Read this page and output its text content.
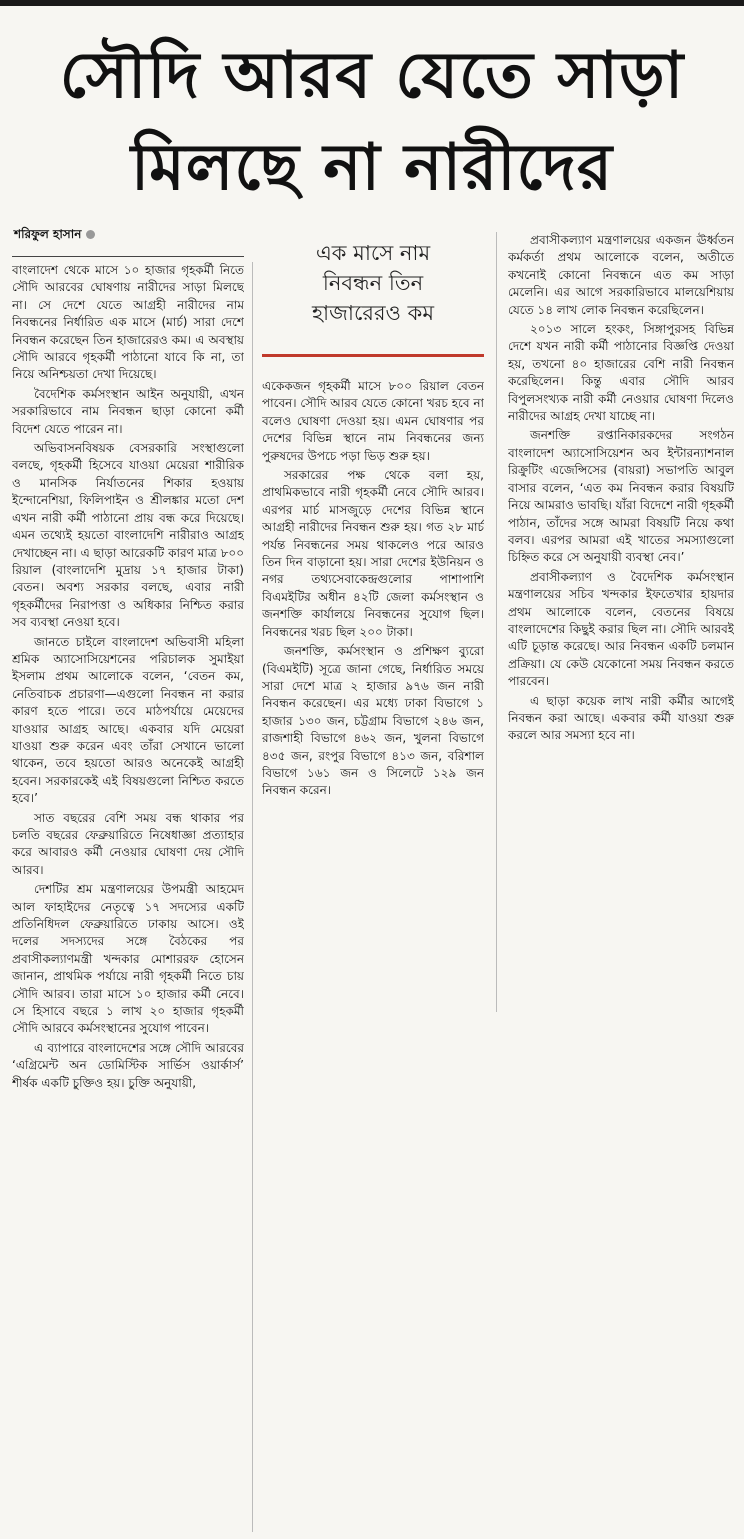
সৌদি আরব যেতে সাড়া
মিলছে না নারীদের
শরিফুল হাসান
এক মাসে নাম
নিবন্ধন তিন
হাজারেরও কম

বাংলাদেশ থেকে মাসে ১০ হাজার গৃহকর্মী নিতে সৌদি আরবের ঘোষণায় নারীদের সাড়া মিলছে না। সে দেশে যেতে আগ্রহী নারীদের নাম নিবন্ধনের নির্ধারিত এক মাসে (মার্চ) সারা দেশে নিবন্ধন করেছেন তিন হাজারেরও কম। এ অবস্থায় সৌদি আরবে গৃহকর্মী পাঠানো যাবে কি না, তা নিয়ে অনিশ্চয়তা দেখা দিয়েছে।

বৈদেশিক কর্মসংস্থান আইন অনুযায়ী, এখন সরকারিভাবে নাম নিবন্ধন ছাড়া কোনো কর্মী বিদেশ যেতে পারেন না।

অভিবাসনবিষয়ক বেসরকারি সংস্থাগুলো বলছে, গৃহকর্মী হিসেবে যাওয়া মেয়েরা শারীরিক ও মানসিক নির্যাতনের শিকার হওয়ায় ইন্দোনেশিয়া, ফিলিপাইন ও শ্রীলঙ্কার মতো দেশ এখন নারী কর্মী পাঠানো প্রায় বন্ধ করে দিয়েছে। এমন তথ্যেই হয়তো বাংলাদেশি নারীরাও আগ্রহ দেখাচ্ছেন না। এ ছাড়া আরেকটি কারণ মাত্র ৮০০ রিয়াল (বাংলাদেশি মুদ্রায় ১৭ হাজার টাকা) বেতন। অবশ্য সরকার বলছে, এবার নারী গৃহকর্মীদের নিরাপত্তা ও অধিকার নিশ্চিত করার সব ব্যবস্থা নেওয়া হবে।

জানতে চাইলে বাংলাদেশ অভিবাসী মহিলা শ্রমিক অ্যাসোসিয়েশনের পরিচালক সুমাইয়া ইসলাম প্রথম আলোকে বলেন, ‘বেতন কম, নেতিবাচক প্রচারণা—এগুলো নিবন্ধন না করার কারণ হতে পারে। তবে মাঠপর্যায়ে মেয়েদের যাওয়ার আগ্রহ আছে। একবার যদি মেয়েরা যাওয়া শুরু করেন এবং তাঁরা সেখানে ভালো থাকেন, তবে হয়তো আরও অনেকেই আগ্রহী হবেন। সরকারকেই এই বিষয়গুলো নিশ্চিত করতে হবে।’

সাত বছরের বেশি সময় বন্ধ থাকার পর চলতি বছরের ফেব্রুয়ারিতে নিষেধাজ্ঞা প্রত্যাহার করে আবারও কর্মী নেওয়ার ঘোষণা দেয় সৌদি আরব।

দেশটির শ্রম মন্ত্রণালয়ের উপমন্ত্রী আহমেদ আল ফাহাইদের নেতৃত্বে ১৭ সদস্যের একটি প্রতিনিধিদল ফেব্রুয়ারিতে ঢাকায় আসে। ওই দলের সদস্যদের সঙ্গে বৈঠকের পর প্রবাসীকল্যাণমন্ত্রী খন্দকার মোশাররফ হোসেন জানান, প্রাথমিক পর্যায়ে নারী গৃহকর্মী নিতে চায় সৌদি আরব। তারা মাসে ১০ হাজার কর্মী নেবে। সে হিসাবে বছরে ১ লাখ ২০ হাজার গৃহকর্মী সৌদি আরবে কর্মসংস্থানের সুযোগ পাবেন।

এ ব্যাপারে বাংলাদেশের সঙ্গে সৌদি আরবের ‘এগ্রিমেন্ট অন ডোমিস্টিক সার্ভিস ওয়ার্কার্স’ শীর্ষক একটি চুক্তিও হয়। চুক্তি অনুযায়ী,

একেকজন গৃহকর্মী মাসে ৮০০ রিয়াল বেতন পাবেন। সৌদি আরব যেতে কোনো খরচ হবে না বলেও ঘোষণা দেওয়া হয়। এমন ঘোষণার পর দেশের বিভিন্ন স্থানে নাম নিবন্ধনের জন্য পুরুষদের উপচে পড়া ভিড় শুরু হয়।

সরকারের পক্ষ থেকে বলা হয়, প্রাথমিকভাবে নারী গৃহকর্মী নেবে সৌদি আরব। এরপর মার্চ মাসজুড়ে দেশের বিভিন্ন স্থানে আগ্রহী নারীদের নিবন্ধন শুরু হয়। গত ২৮ মার্চ পর্যন্ত নিবন্ধনের সময় থাকলেও পরে আরও তিন দিন বাড়ানো হয়। সারা দেশের ইউনিয়ন ও নগর তথ্যসেবাকেন্দ্রগুলোর পাশাপাশি বিএমইটির অধীন ৪২টি জেলা কর্মসংস্থান ও জনশক্তি কার্যালয়ে নিবন্ধনের সুযোগ ছিল। নিবন্ধনের খরচ ছিল ২০০ টাকা।

জনশক্তি, কর্মসংস্থান ও প্রশিক্ষণ ব্যুরো (বিএমইটি) সূত্রে জানা গেছে, নির্ধারিত সময়ে সারা দেশে মাত্র ২ হাজার ৯৭৬ জন নারী নিবন্ধন করেছেন। এর মধ্যে ঢাকা বিভাগে ১ হাজার ১৩০ জন, চট্টগ্রাম বিভাগে ২৪৬ জন, রাজশাহী বিভাগে ৪৬২ জন, খুলনা বিভাগে ৪৩৫ জন, রংপুর বিভাগে ৪১৩ জন, বরিশাল বিভাগে ১৬১ জন ও সিলেটে ১২৯ জন নিবন্ধন করেন।

প্রবাসীকল্যাণ মন্ত্রণালয়ের একজন ঊর্ধ্বতন কর্মকর্তা প্রথম আলোকে বলেন, অতীতে কখনোই কোনো নিবন্ধনে এত কম সাড়া মেলেনি। এর আগে সরকারিভাবে মালয়েশিয়ায় যেতে ১৪ লাখ লোক নিবন্ধন করেছিলেন।

২০১৩ সালে হংকং, সিঙ্গাপুরসহ বিভিন্ন দেশে যখন নারী কর্মী পাঠানোর বিজ্ঞপ্তি দেওয়া হয়, তখনো ৪০ হাজারের বেশি নারী নিবন্ধন করেছিলেন। কিন্তু এবার সৌদি আরব বিপুলসংখ্যক নারী কর্মী নেওয়ার ঘোষণা দিলেও নারীদের আগ্রহ দেখা যাচ্ছে না।

জনশক্তি রপ্তানিকারকদের সংগঠন বাংলাদেশ অ্যাসোসিয়েশন অব ইন্টারন্যাশনাল রিক্রুটিং এজেন্সিসের (বায়রা) সভাপতি আবুল বাসার বলেন, ‘এত কম নিবন্ধন করার বিষয়টি নিয়ে আমরাও ভাবছি। যাঁরা বিদেশে নারী গৃহকর্মী পাঠান, তাঁদের সঙ্গে আমরা বিষয়টি নিয়ে কথা বলব। এরপর আমরা এই খাতের সমস্যাগুলো চিহ্নিত করে সে অনুযায়ী ব্যবস্থা নেব।’

প্রবাসীকল্যাণ ও বৈদেশিক কর্মসংস্থান মন্ত্রণালয়ের সচিব খন্দকার ইফতেখার হায়দার প্রথম আলোকে বলেন, বেতনের বিষয়ে বাংলাদেশের কিছুই করার ছিল না। সৌদি আরবই এটি চূড়ান্ত করেছে। আর নিবন্ধন একটি চলমান প্রক্রিয়া। যে কেউ যেকোনো সময় নিবন্ধন করতে পারবেন।

এ ছাড়া কয়েক লাখ নারী কর্মীর আগেই নিবন্ধন করা আছে। একবার কর্মী যাওয়া শুরু করলে আর সমস্যা হবে না।
